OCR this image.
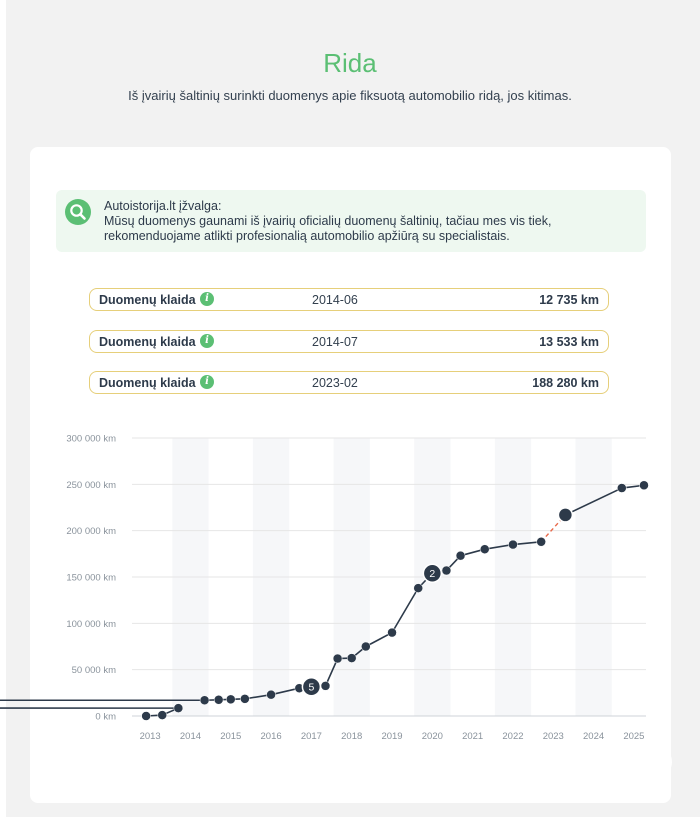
Rida
Iš įvairių šaltinių surinkti duomenys apie fiksuotą automobilio ridą, jos kitimas.
Autoistorija.lt įžvalga:
Mūsų duomenys gaunami iš įvairių oficialių duomenų šaltinių, tačiau mes vis tiek, rekomenduojame atlikti profesionalią automobilio apžiūrą su specialistais.
Duomenų klaida i	2014-06	12 735 km
Duomenų klaida i	2014-07	13 533 km
Duomenų klaida i	2023-02	188 280 km
0 km
50 000 km
100 000 km
150 000 km
200 000 km
250 000 km
300 000 km
2013 2014 2015 2016 2017 2018 2019 2020 2021 2022 2023 2024 2025
5
2
